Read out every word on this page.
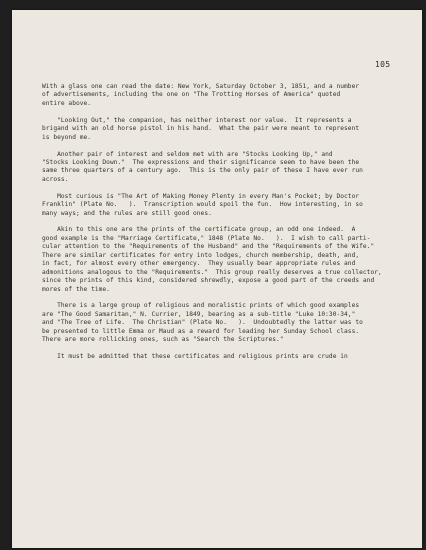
105
With a glass one can read the date: New York, Saturday October 3, 1851, and a number
of advertisements, including the one on "The Trotting Horses of America" quoted
entire above.
"Looking Out," the companion, has neither interest nor value.  It represents a
brigand with an old horse pistol in his hand.  What the pair were meant to represent
is beyond me.
Another pair of interest and seldom met with are "Stocks Looking Up," and
"Stocks Looking Down."  The expressions and their significance seem to have been the
same three quarters of a century ago.  This is the only pair of these I have ever run
across.
Most curious is "The Art of Making Money Plenty in every Man's Pocket; by Doctor
Franklin" (Plate No.   ).  Transcription would spoil the fun.  How interesting, in so
many ways; and the rules are still good ones.
Akin to this one are the prints of the certificate group, an odd one indeed.  A
good example is the "Marriage Certificate," 1848 (Plate No.   ).  I wish to call parti-
cular attention to the "Requirements of the Husband" and the "Requirements of the Wife."
There are similar certificates for entry into lodges, church membership, death, and,
in fact, for almost every other emergency.  They usually bear appropriate rules and
admonitions analogous to the "Requirements."  This group really deserves a true collector,
since the prints of this kind, considered shrewdly, expose a good part of the creeds and
mores of the time.
There is a large group of religious and moralistic prints of which good examples
are "The Good Samaritan," N. Currier, 1849, bearing as a sub-title "Luke 10:30-34,"
and "The Tree of Life.  The Christian" (Plate No.   ).  Undoubtedly the latter was to
be presented to little Emma or Maud as a reward for leading her Sunday School class.
There are more rollicking ones, such as "Search the Scriptures."
It must be admitted that these certificates and religious prints are crude in
